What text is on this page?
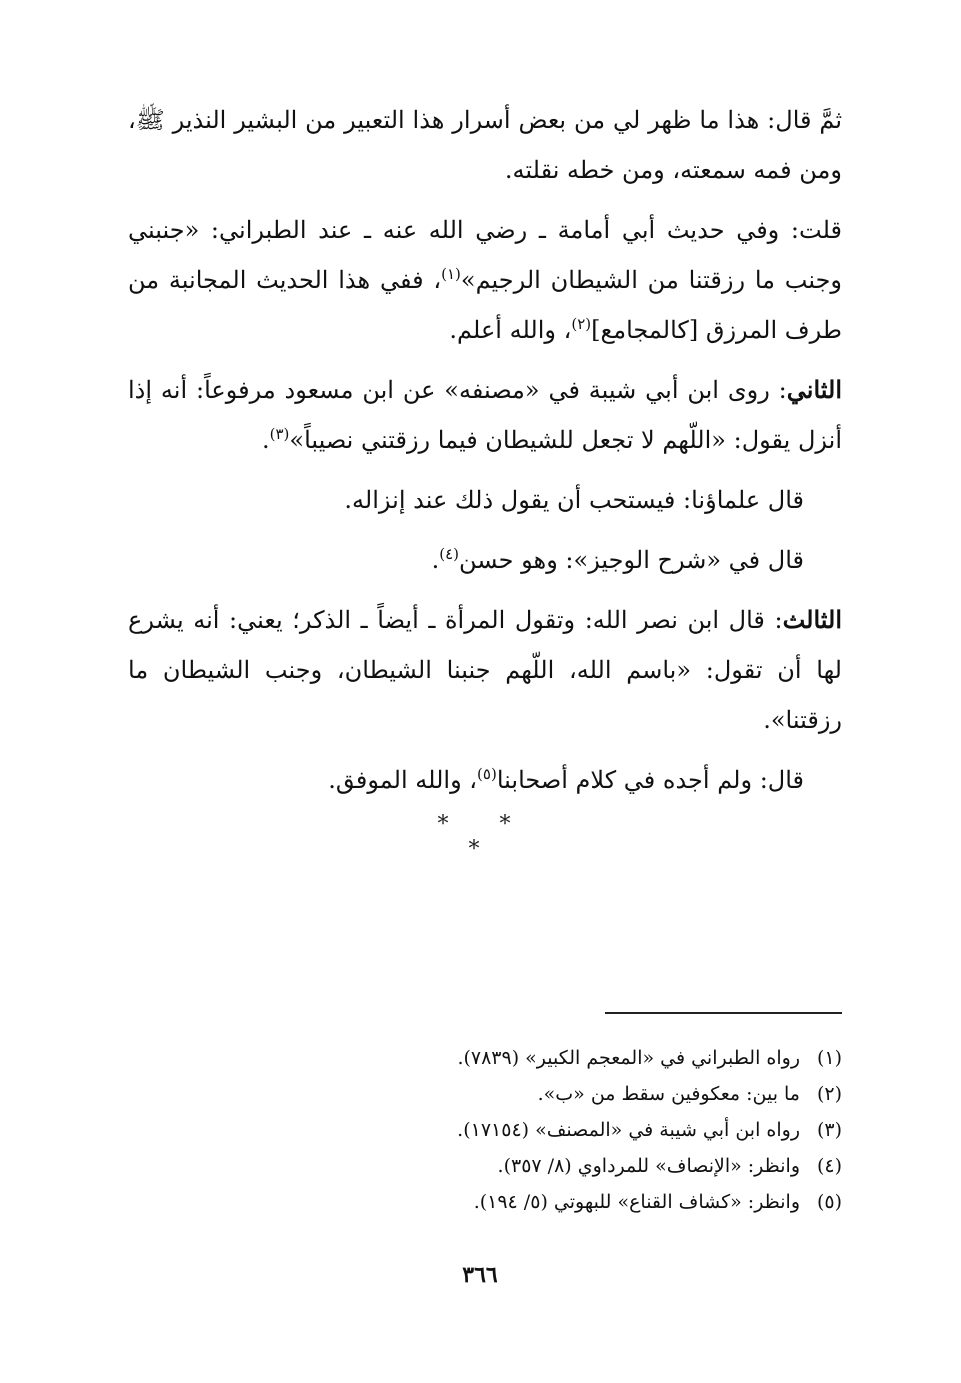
ثمَّ قال: هذا ما ظهر لي من بعض أسرار هذا التعبير من البشير النذير ﷺ، ومن فمه سمعته، ومن خطه نقلته.

قلت: وفي حديث أبي أمامة ـ رضي الله عنه ـ عند الطبراني: «جنبني وجنب ما رزقتنا من الشيطان الرجيم»$^{(١)}$، ففي هذا الحديث المجانبة من طرف المرزق [كالمجامع]$^{(٢)}$، والله أعلم.

الثاني: روى ابن أبي شيبة في «مصنفه» عن ابن مسعود مرفوعاً: أنه إذا أنزل يقول: «اللّهم لا تجعل للشيطان فيما رزقتني نصيباً»$^{(٣)}$.

قال علماؤنا: فيستحب أن يقول ذلك عند إنزاله.

قال في «شرح الوجيز»: وهو حسن$^{(٤)}$.

الثالث: قال ابن نصر الله: وتقول المرأة ـ أيضاً ـ الذكر؛ يعني: أنه يشرع لها أن تقول: «باسم الله، اللّهم جنبنا الشيطان، وجنب الشيطان ما رزقتنا».

قال: ولم أجده في كلام أصحابنا$^{(٥)}$، والله الموفق.

* * *
(١)رواه الطبراني في «المعجم الكبير» (٧٨٣٩).
(٢)ما بين: معكوفين سقط من «ب».
(٣)رواه ابن أبي شيبة في «المصنف» (١٧١٥٤).
(٤)وانظر: «الإنصاف» للمرداوي (٨/ ٣٥٧).
(٥)وانظر: «كشاف القناع» للبهوتي (٥/ ١٩٤).
٣٦٦
